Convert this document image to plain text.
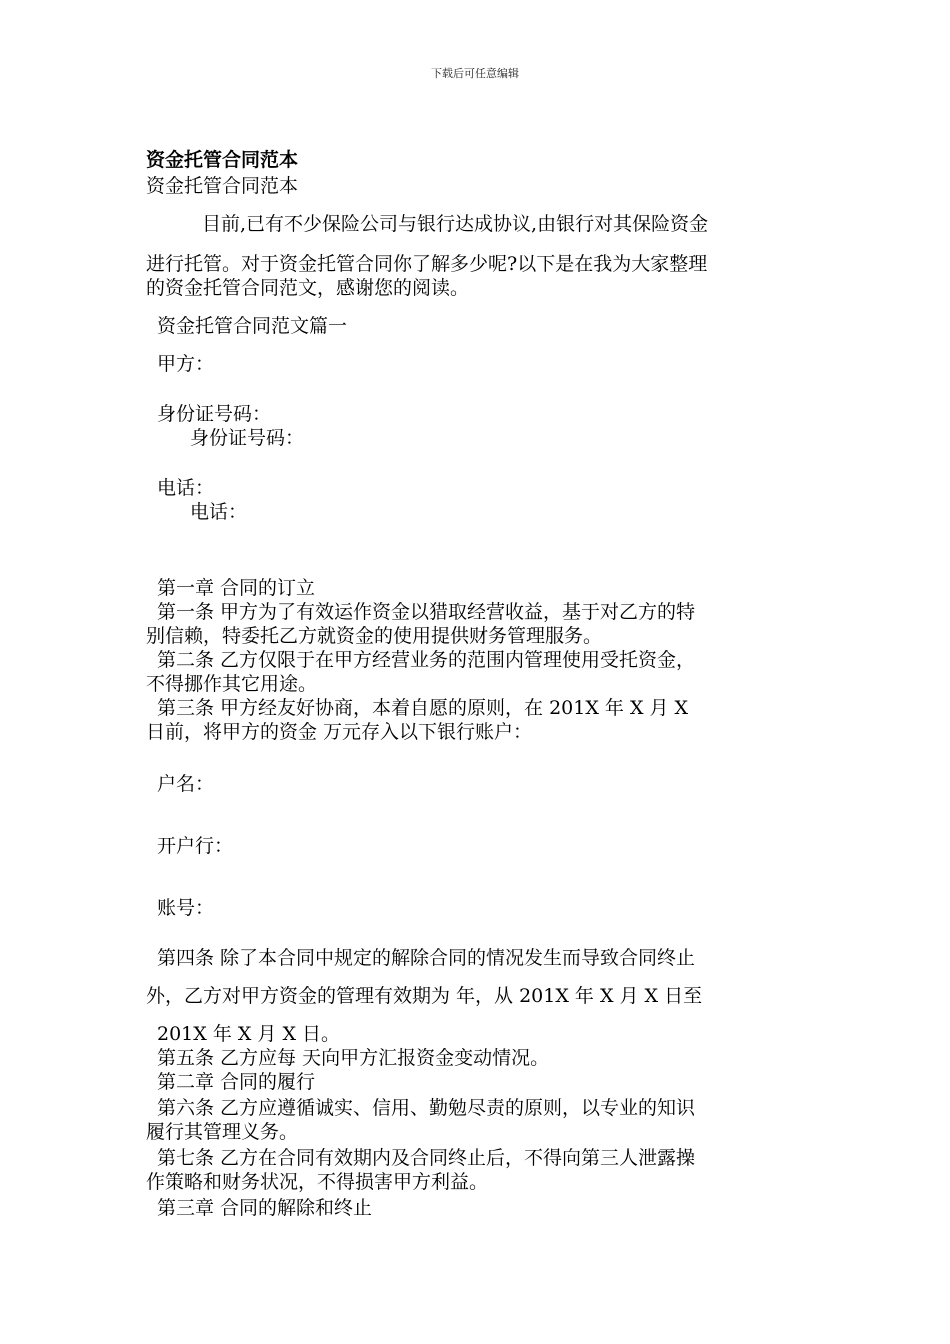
下载后可任意编辑
资金托管合同范本
资金托管合同范本
目前,已有不少保险公司与银行达成协议,由银行对其保险资金
进行托管。对于资金托管合同你了解多少呢?以下是在我为大家整理
的资金托管合同范文，感谢您的阅读。
资金托管合同范文篇一
甲方：
身份证号码：
身份证号码：
电话：
电话：
第一章 合同的订立
第一条 甲方为了有效运作资金以猎取经营收益，基于对乙方的特
别信赖，特委托乙方就资金的使用提供财务管理服务。
第二条 乙方仅限于在甲方经营业务的范围内管理使用受托资金，
不得挪作其它用途。
第三条 甲方经友好协商，本着自愿的原则，在 201X 年 X 月 X
日前，将甲方的资金 万元存入以下银行账户：
户名：
开户行：
账号：
第四条 除了本合同中规定的解除合同的情况发生而导致合同终止
外，乙方对甲方资金的管理有效期为 年，从 201X 年 X 月 X 日至
201X 年 X 月 X 日。
第五条 乙方应每 天向甲方汇报资金变动情况。
第二章 合同的履行
第六条 乙方应遵循诚实、信用、勤勉尽责的原则，以专业的知识
履行其管理义务。
第七条 乙方在合同有效期内及合同终止后，不得向第三人泄露操
作策略和财务状况，不得损害甲方利益。
第三章 合同的解除和终止
